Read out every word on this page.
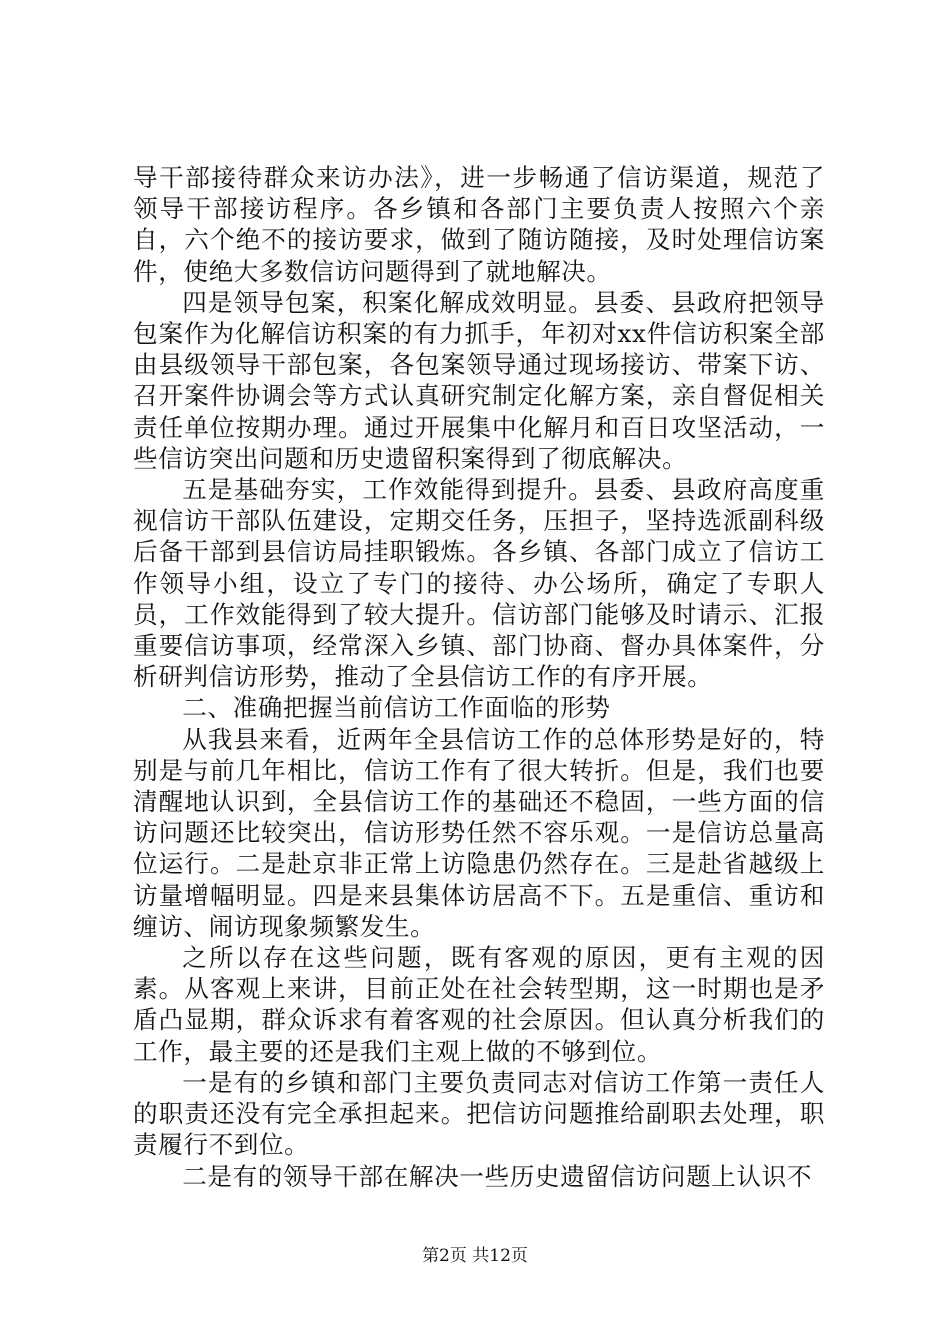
导干部接待群众来访办法》，进一步畅通了信访渠道，规范了领导干部接访程序。各乡镇和各部门主要负责人按照六个亲自，六个绝不的接访要求，做到了随访随接，及时处理信访案件，使绝大多数信访问题得到了就地解决。

四是领导包案，积案化解成效明显。县委、县政府把领导包案作为化解信访积案的有力抓手，年初对xx件信访积案全部由县级领导干部包案，各包案领导通过现场接访、带案下访、召开案件协调会等方式认真研究制定化解方案，亲自督促相关责任单位按期办理。通过开展集中化解月和百日攻坚活动，一些信访突出问题和历史遗留积案得到了彻底解决。

五是基础夯实，工作效能得到提升。县委、县政府高度重视信访干部队伍建设，定期交任务，压担子，坚持选派副科级后备干部到县信访局挂职锻炼。各乡镇、各部门成立了信访工作领导小组，设立了专门的接待、办公场所，确定了专职人员，工作效能得到了较大提升。信访部门能够及时请示、汇报重要信访事项，经常深入乡镇、部门协商、督办具体案件，分析研判信访形势，推动了全县信访工作的有序开展。

二、准确把握当前信访工作面临的形势

从我县来看，近两年全县信访工作的总体形势是好的，特别是与前几年相比，信访工作有了很大转折。但是，我们也要清醒地认识到，全县信访工作的基础还不稳固，一些方面的信访问题还比较突出，信访形势任然不容乐观。一是信访总量高位运行。二是赴京非正常上访隐患仍然存在。三是赴省越级上访量增幅明显。四是来县集体访居高不下。五是重信、重访和缠访、闹访现象频繁发生。

之所以存在这些问题，既有客观的原因，更有主观的因素。从客观上来讲，目前正处在社会转型期，这一时期也是矛盾凸显期，群众诉求有着客观的社会原因。但认真分析我们的工作，最主要的还是我们主观上做的不够到位。

一是有的乡镇和部门主要负责同志对信访工作第一责任人的职责还没有完全承担起来。把信访问题推给副职去处理，职责履行不到位。

二是有的领导干部在解决一些历史遗留信访问题上认识不

第2页 共12页
